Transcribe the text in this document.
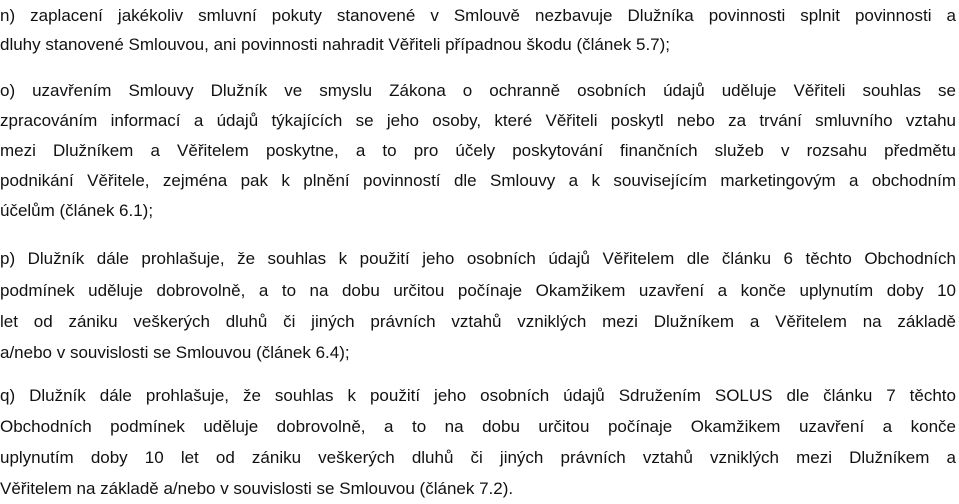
n) zaplacení jakékoliv smluvní pokuty stanovené v Smlouvě nezbavuje Dlužníka povinnosti splnit povinnosti a
dluhy stanovené Smlouvou, ani povinnosti nahradit Věřiteli případnou škodu (článek 5.7);
o) uzavřením Smlouvy Dlužník ve smyslu Zákona o ochranně osobních údajů uděluje Věřiteli souhlas se
zpracováním informací a údajů týkajících se jeho osoby, které Věřiteli poskytl nebo za trvání smluvního vztahu
mezi Dlužníkem a Věřitelem poskytne, a to pro účely poskytování finančních služeb v rozsahu předmětu
podnikání Věřitele, zejména pak k plnění povinností dle Smlouvy a k souvisejícím marketingovým a obchodním
účelům (článek 6.1);
p) Dlužník dále prohlašuje, že souhlas k použití jeho osobních údajů Věřitelem dle článku 6 těchto Obchodních
podmínek uděluje dobrovolně, a to na dobu určitou počínaje Okamžikem uzavření a konče uplynutím doby 10
let od zániku veškerých dluhů či jiných právních vztahů vzniklých mezi Dlužníkem a Věřitelem na základě
a/nebo v souvislosti se Smlouvou (článek 6.4);
q) Dlužník dále prohlašuje, že souhlas k použití jeho osobních údajů Sdružením SOLUS dle článku 7 těchto
Obchodních podmínek uděluje dobrovolně, a to na dobu určitou počínaje Okamžikem uzavření a konče
uplynutím doby 10 let od zániku veškerých dluhů či jiných právních vztahů vzniklých mezi Dlužníkem a
Věřitelem na základě a/nebo v souvislosti se Smlouvou (článek 7.2).
